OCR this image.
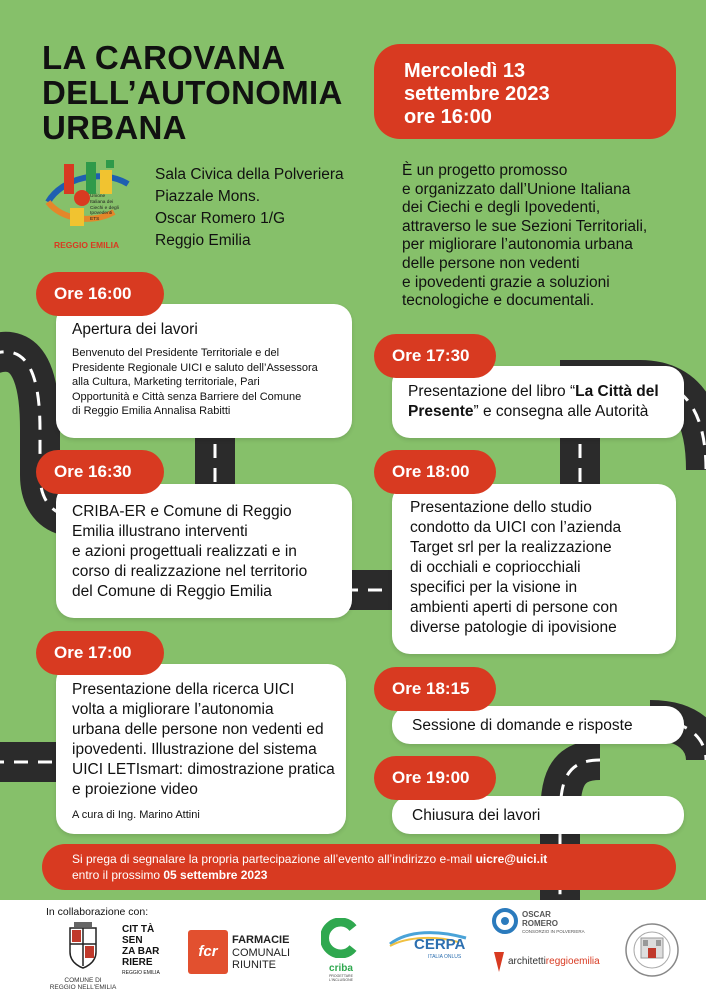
LA CAROVANA
DELL’AUTONOMIA
URBANA
Mercoledì 13
settembre 2023
ore 16:00
Unione
Italiana dei
Ciechi e degli
Ipovedenti
ETS
REGGIO EMILIA
Sala Civica della Polveriera
Piazzale Mons.
Oscar Romero 1/G
Reggio Emilia
È un progetto promosso
e organizzato dall’Unione Italiana
dei Ciechi e degli Ipovedenti,
attraverso le sue Sezioni Territoriali,
per migliorare l’autonomia urbana
delle persone non vedenti
e ipovedenti grazie a soluzioni
tecnologiche e documentali.
Apertura dei lavori
Benvenuto del Presidente Territoriale e del
Presidente Regionale UICI e saluto dell’Assessora
alla Cultura, Marketing territoriale, Pari
Opportunità e Città senza Barriere del Comune
di Reggio Emilia Annalisa Rabitti
Ore 16:00
CRIBA-ER e Comune di Reggio
Emilia illustrano interventi
e azioni progettuali realizzati e in
corso di realizzazione nel territorio
del Comune di Reggio Emilia
Ore 16:30
Presentazione della ricerca UICI
volta a migliorare l’autonomia
urbana delle persone non vedenti ed
ipovedenti. Illustrazione del sistema
UICI LETIsmart: dimostrazione pratica
e proiezione video
A cura di Ing. Marino Attini
Ore 17:00
Presentazione del libro “La Città del
Presente” e consegna alle Autorità
Ore 17:30
Presentazione dello studio
condotto da UICI con l’azienda
Target srl per la realizzazione
di occhiali e copriocchiali
specifici per la visione in
ambienti aperti di persone con
diverse patologie di ipovisione
Ore 18:00
Sessione di domande e risposte
Ore 18:15
Chiusura dei lavori
Ore 19:00
Si prega di segnalare la propria partecipazione all’evento all’indirizzo e-mail uicre@uici.it
entro il prossimo 05 settembre 2023
In collaborazione con:
COMUNE DI
REGGIO NELL'EMILIA
CIT TÀ
SEN
ZA BAR
RIERE
REGGIO EMILIA
fcr
FARMACIE
COMUNALI
RIUNITE	criba
PROGETTARE L'INCLUSIONE
CERPA
ITALIA ONLUS
OSCAR
ROMERO
CONSORZIO IN POLVERIERA
architettireggioemilia
